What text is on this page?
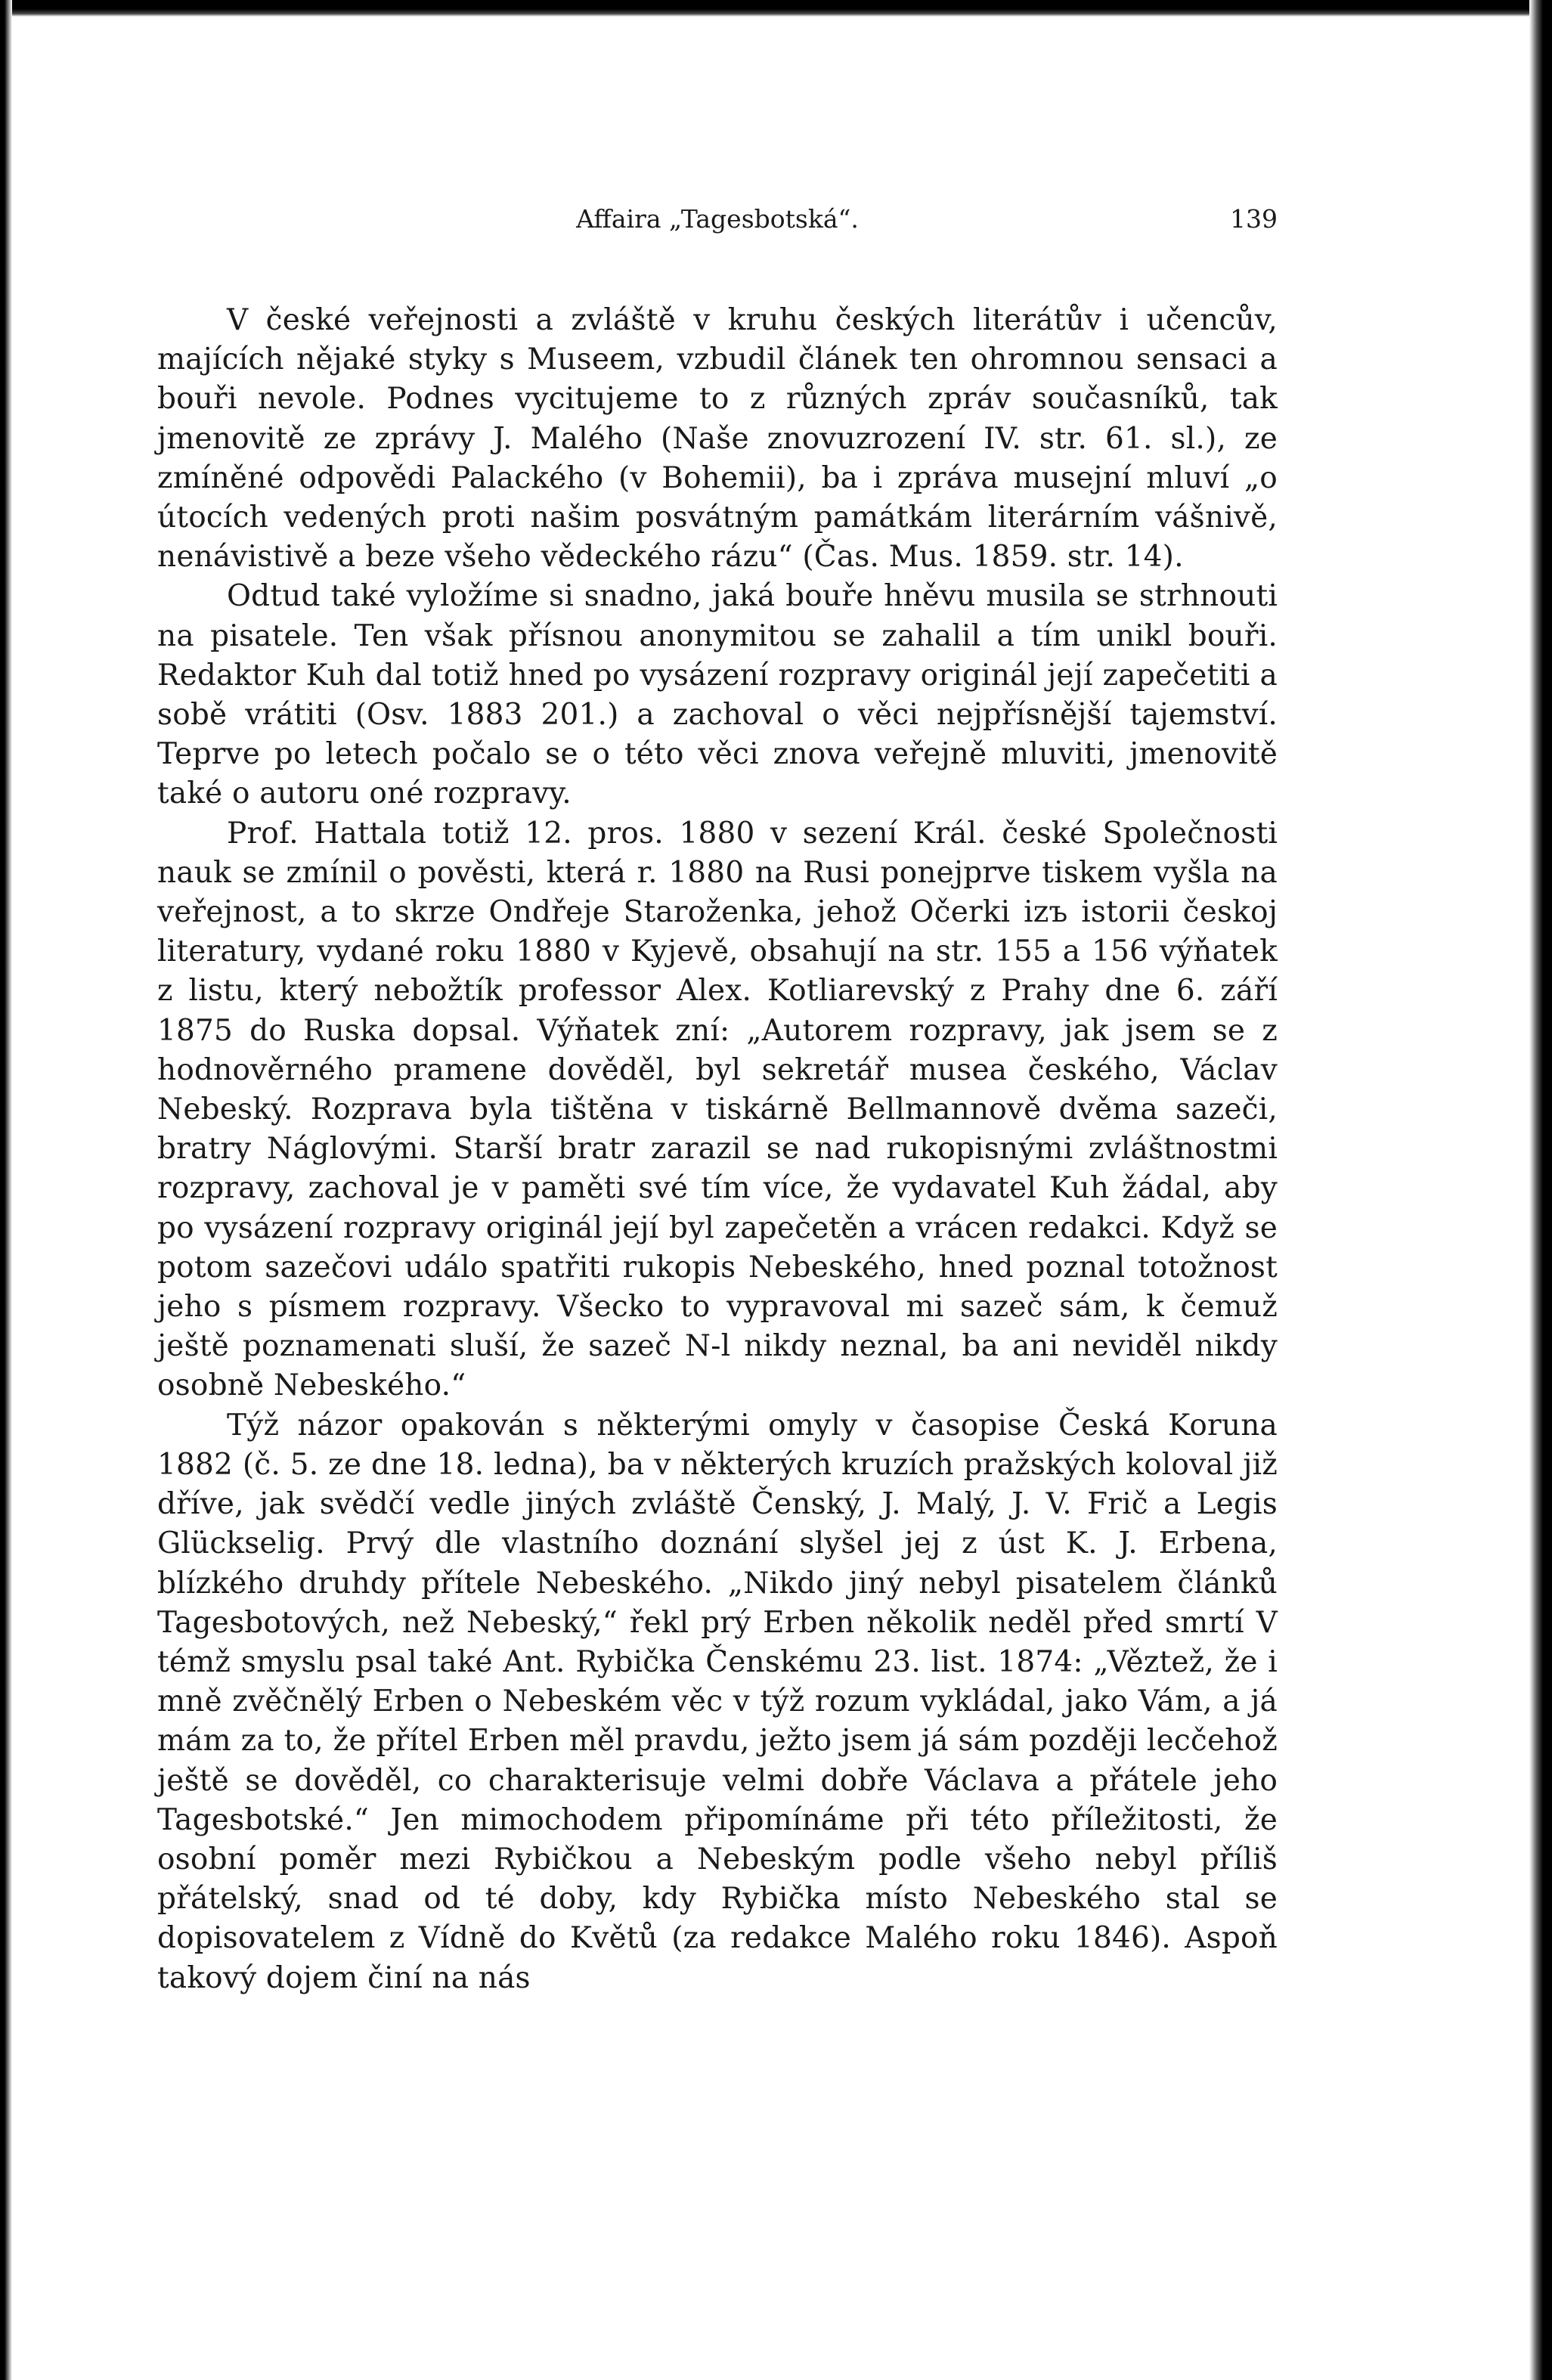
Affaira „Tagesbotská“.	139

V české veřejnosti a zvláště v kruhu českých literátův i učencův, majících nějaké styky s Museem, vzbudil článek ten ohromnou sensaci a bouři nevole. Podnes vycitujeme to z různých zpráv současníků, tak jmenovitě ze zprávy J. Malého (Naše znovuzrození IV. str. 61. sl.), ze zmíněné odpovědi Palackého (v Bohemii), ba i zpráva musejní mluví „o útocích vedených proti našim posvátným památkám literárním vášnivě, nenávistivě a beze všeho vědeckého rázu“ (Čas. Mus. 1859. str. 14).

Odtud také vyložíme si snadno, jaká bouře hněvu musila se strhnouti na pisatele. Ten však přísnou anonymitou se zahalil a tím unikl bouři. Redaktor Kuh dal totiž hned po vysázení rozpravy originál její zapečetiti a sobě vrátiti (Osv. 1883 201.) a zachoval o věci nejpřísnější tajemství. Teprve po letech počalo se o této věci znova veřejně mluviti, jmenovitě také o autoru oné rozpravy.

Prof. Hattala totiž 12. pros. 1880 v sezení Král. české Společnosti nauk se zmínil o pověsti, která r. 1880 na Rusi ponejprve tiskem vyšla na veřejnost, a to skrze Ondřeje Staroženka, jehož Očerki izъ istorii českoj literatury, vydané roku 1880 v Kyjevě, obsahují na str. 155 a 156 výňatek z listu, který nebožtík professor Alex. Kotliarevský z Prahy dne 6. září 1875 do Ruska dopsal. Výňatek zní: „Autorem rozpravy, jak jsem se z hodnověrného pramene dověděl, byl sekretář musea českého, Václav Nebeský. Rozprava byla tištěna v tiskárně Bellmannově dvěma sazeči, bratry Náglovými. Starší bratr zarazil se nad rukopisnými zvláštnostmi rozpravy, zachoval je v paměti své tím více, že vydavatel Kuh žádal, aby po vysázení rozpravy originál její byl zapečetěn a vrácen redakci. Když se potom sazečovi událo spatřiti rukopis Nebeského, hned poznal totožnost jeho s písmem rozpravy. Všecko to vypravoval mi sazeč sám, k čemuž ještě poznamenati sluší, že sazeč N-l nikdy neznal, ba ani neviděl nikdy osobně Nebeského.“

Týž názor opakován s některými omyly v časopise Česká Koruna 1882 (č. 5. ze dne 18. ledna), ba v některých kruzích pražských koloval již dříve, jak svědčí vedle jiných zvláště Čenský, J. Malý, J. V. Frič a Legis Glückselig. Prvý dle vlastního doznání slyšel jej z úst K. J. Erbena, blízkého druhdy přítele Nebeského. „Nikdo jiný nebyl pisatelem článků Tagesbotových, než Nebeský,“ řekl prý Erben několik neděl před smrtí V témž smyslu psal také Ant. Rybička Čenskému 23. list. 1874: „Věztež, že i mně zvěčnělý Erben o Nebeském věc v týž rozum vykládal, jako Vám, a já mám za to, že přítel Erben měl pravdu, ježto jsem já sám později lecčehož ještě se dověděl, co charakterisuje velmi dobře Václava a přátele jeho Tagesbotské.“ Jen mimochodem připomínáme při této příležitosti, že osobní poměr mezi Rybičkou a Nebeským podle všeho nebyl příliš přátelský, snad od té doby, kdy Rybička místo Nebeského stal se dopisovatelem z Vídně do Květů (za redakce Malého roku 1846). Aspoň takový dojem činí na nás
